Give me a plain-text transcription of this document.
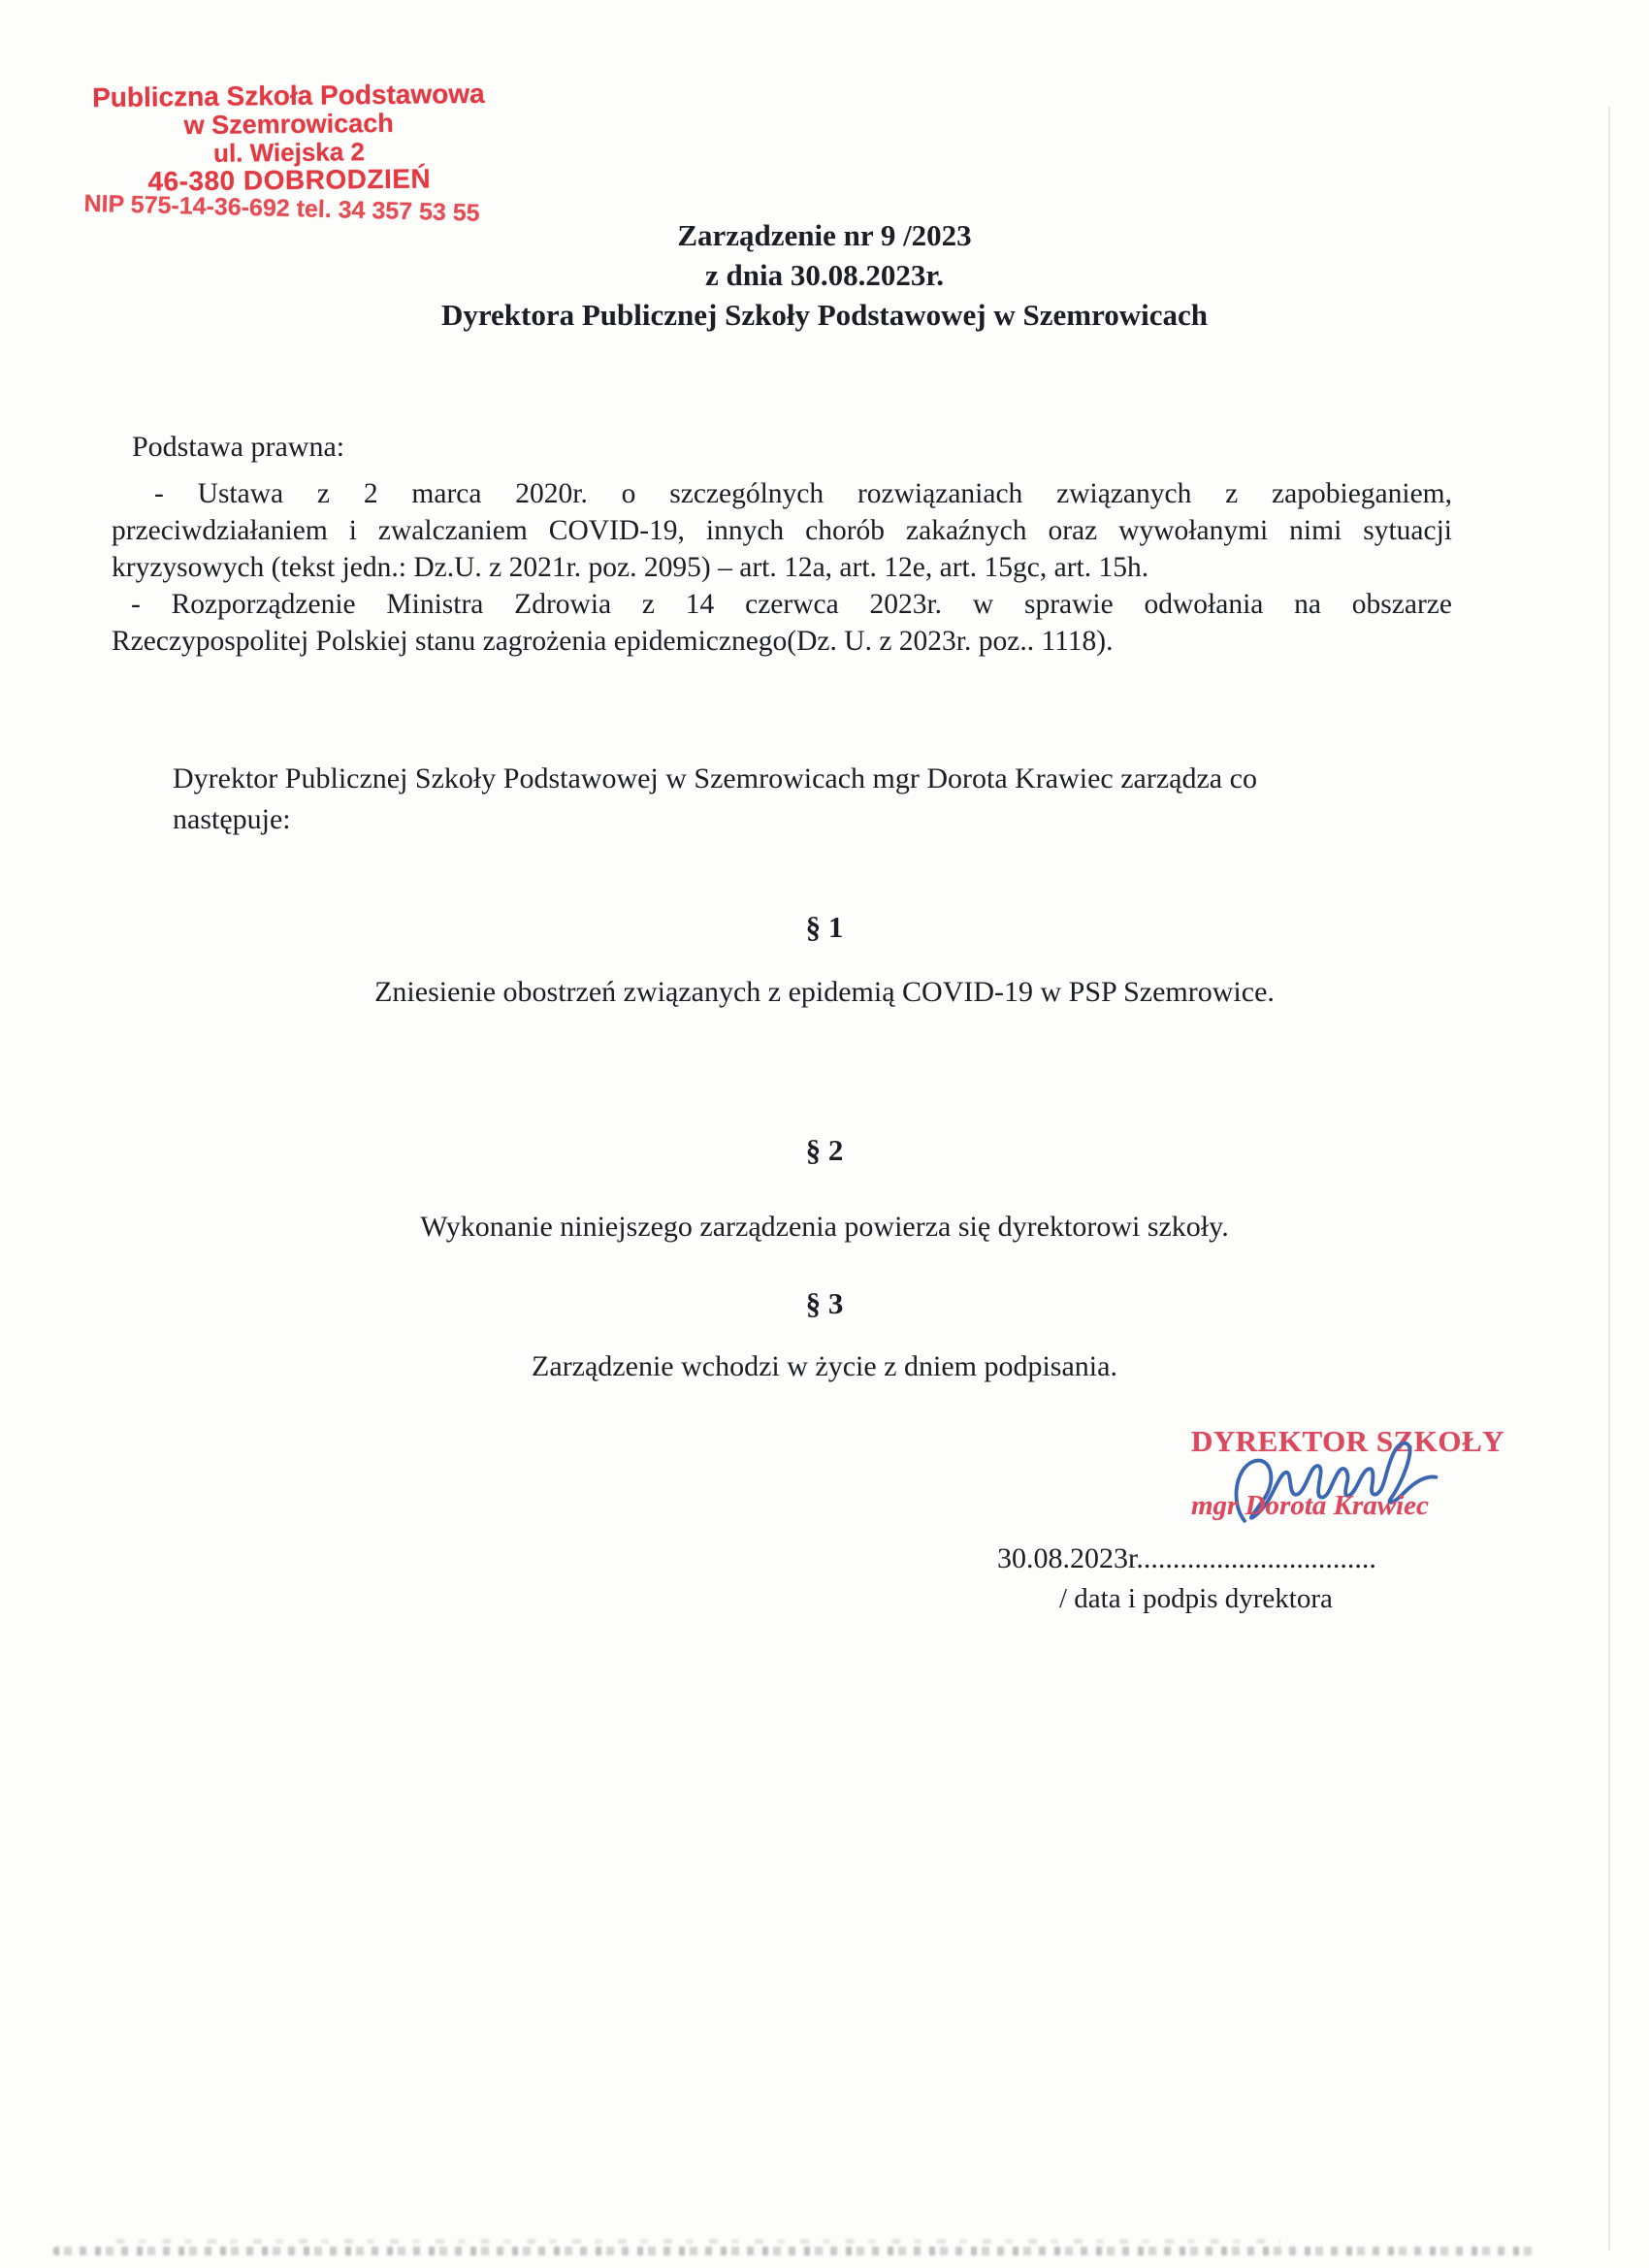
Publiczna Szkoła Podstawowa
w Szemrowicach
ul. Wiejska 2
46-380 DOBRODZIEŃ
NIP 575-14-36-692 tel. 34 357 53 55
Zarządzenie nr 9 /2023
z dnia 30.08.2023r.
Dyrektora Publicznej Szkoły Podstawowej w Szemrowicach
Podstawa prawna:
- Ustawa z 2 marca 2020r. o szczególnych rozwiązaniach związanych z zapobieganiem,
przeciwdziałaniem i zwalczaniem COVID-19, innych chorób zakaźnych oraz wywołanymi nimi sytuacji
kryzysowych (tekst jedn.: Dz.U. z 2021r. poz. 2095) – art. 12a, art. 12e, art. 15gc, art. 15h.
- Rozporządzenie Ministra Zdrowia z 14 czerwca 2023r. w sprawie odwołania na obszarze
Rzeczypospolitej Polskiej stanu zagrożenia epidemicznego(Dz. U. z 2023r. poz.. 1118).
Dyrektor Publicznej Szkoły Podstawowej w Szemrowicach mgr Dorota Krawiec zarządza co następuje:
§ 1
Zniesienie obostrzeń związanych z epidemią COVID-19 w PSP Szemrowice.
§ 2
Wykonanie niniejszego zarządzenia powierza się dyrektorowi szkoły.
§ 3
Zarządzenie wchodzi w życie z dniem podpisania.
DYREKTOR SZKOŁY
mgr Dorota Krawiec
30.08.2023r.................................
/ data i podpis dyrektora
